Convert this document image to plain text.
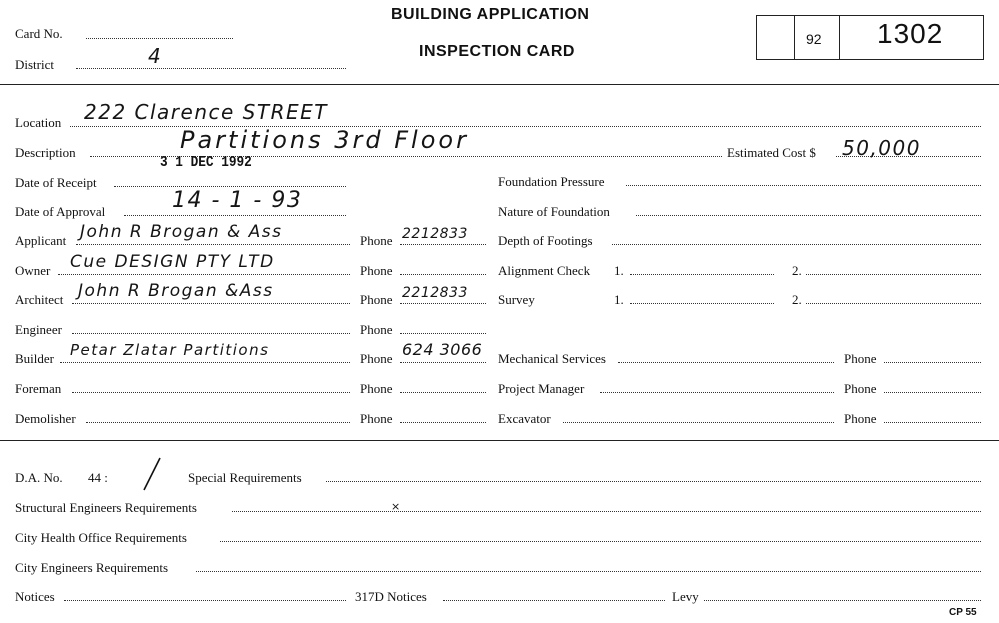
Card No.
District	4
BUILDING APPLICATION
INSPECTION CARD
92 1302
Location 222 Clarence STREET
Description	Partitions 3rd Floor	Estimated Cost $ 50,000
Date of Receipt
3 1 DEC 1992
Date of Approval	14 - 1 - 93
Applicant John R Brogan & Ass	Phone 2212833
Owner Cue DESIGN PTY LTD	Phone
Architect John R Brogan &Ass	Phone 2212833
Engineer	Phone
Builder Petar Zlatar Partitions	Phone 624 3066
Foreman	Phone
Demolisher	Phone
Foundation Pressure
Nature of Foundation
Depth of Footings
Alignment Check 1.	2.
Survey	1.	2.
Mechanical Services	Phone
Project Manager	Phone
Excavator	Phone
D.A. No. 44 :	Special Requirements
Structural Engineers Requirements	×
City Health Office Requirements
City Engineers Requirements
Notices	317D Notices	Levy
CP 55
